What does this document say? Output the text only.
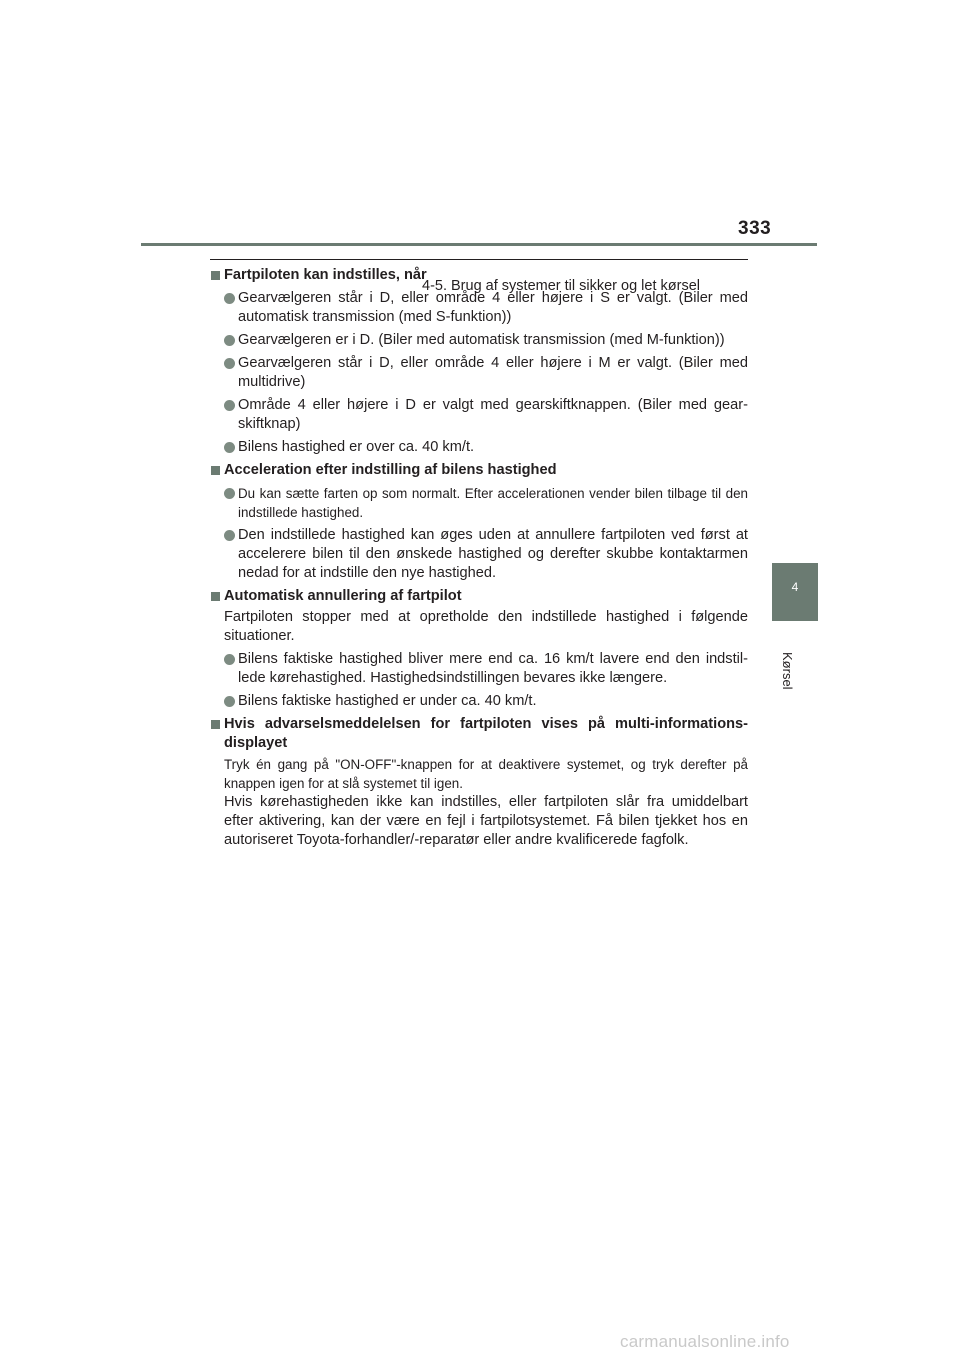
333
4-5. Brug af systemer til sikker og let kørsel
4
Kørsel
Fartpiloten kan indstilles, når
Gearvælgeren står i D, eller område 4 eller højere i S er valgt. (Biler med automatisk transmission (med S-funktion))
Gearvælgeren er i D. (Biler med automatisk transmission (med M-funktion))
Gearvælgeren står i D, eller område 4 eller højere i M er valgt. (Biler med multidrive)
Område 4 eller højere i D er valgt med gearskiftknappen. (Biler med gear-skiftknap)
Bilens hastighed er over ca. 40 km/t.
Acceleration efter indstilling af bilens hastighed
Du kan sætte farten op som normalt. Efter accelerationen vender bilen tilbage til den indstillede hastighed.
Den indstillede hastighed kan øges uden at annullere fartpiloten ved først at accelerere bilen til den ønskede hastighed og derefter skubbe kontaktarmen nedad for at indstille den nye hastighed.
Automatisk annullering af fartpilot
Fartpiloten stopper med at opretholde den indstillede hastighed i følgende situationer.
Bilens faktiske hastighed bliver mere end ca. 16 km/t lavere end den indstil-lede kørehastighed. Hastighedsindstillingen bevares ikke længere.
Bilens faktiske hastighed er under ca. 40 km/t.
Hvis advarselsmeddelelsen for fartpiloten vises på multi-informations-displayet
Tryk én gang på "ON-OFF"-knappen for at deaktivere systemet, og tryk derefter på knappen igen for at slå systemet til igen.
Hvis kørehastigheden ikke kan indstilles, eller fartpiloten slår fra umiddelbart efter aktivering, kan der være en fejl i fartpilotsystemet. Få bilen tjekket hos en autoriseret Toyota-forhandler/-reparatør eller andre kvalificerede fagfolk.
carmanualsonline.info
